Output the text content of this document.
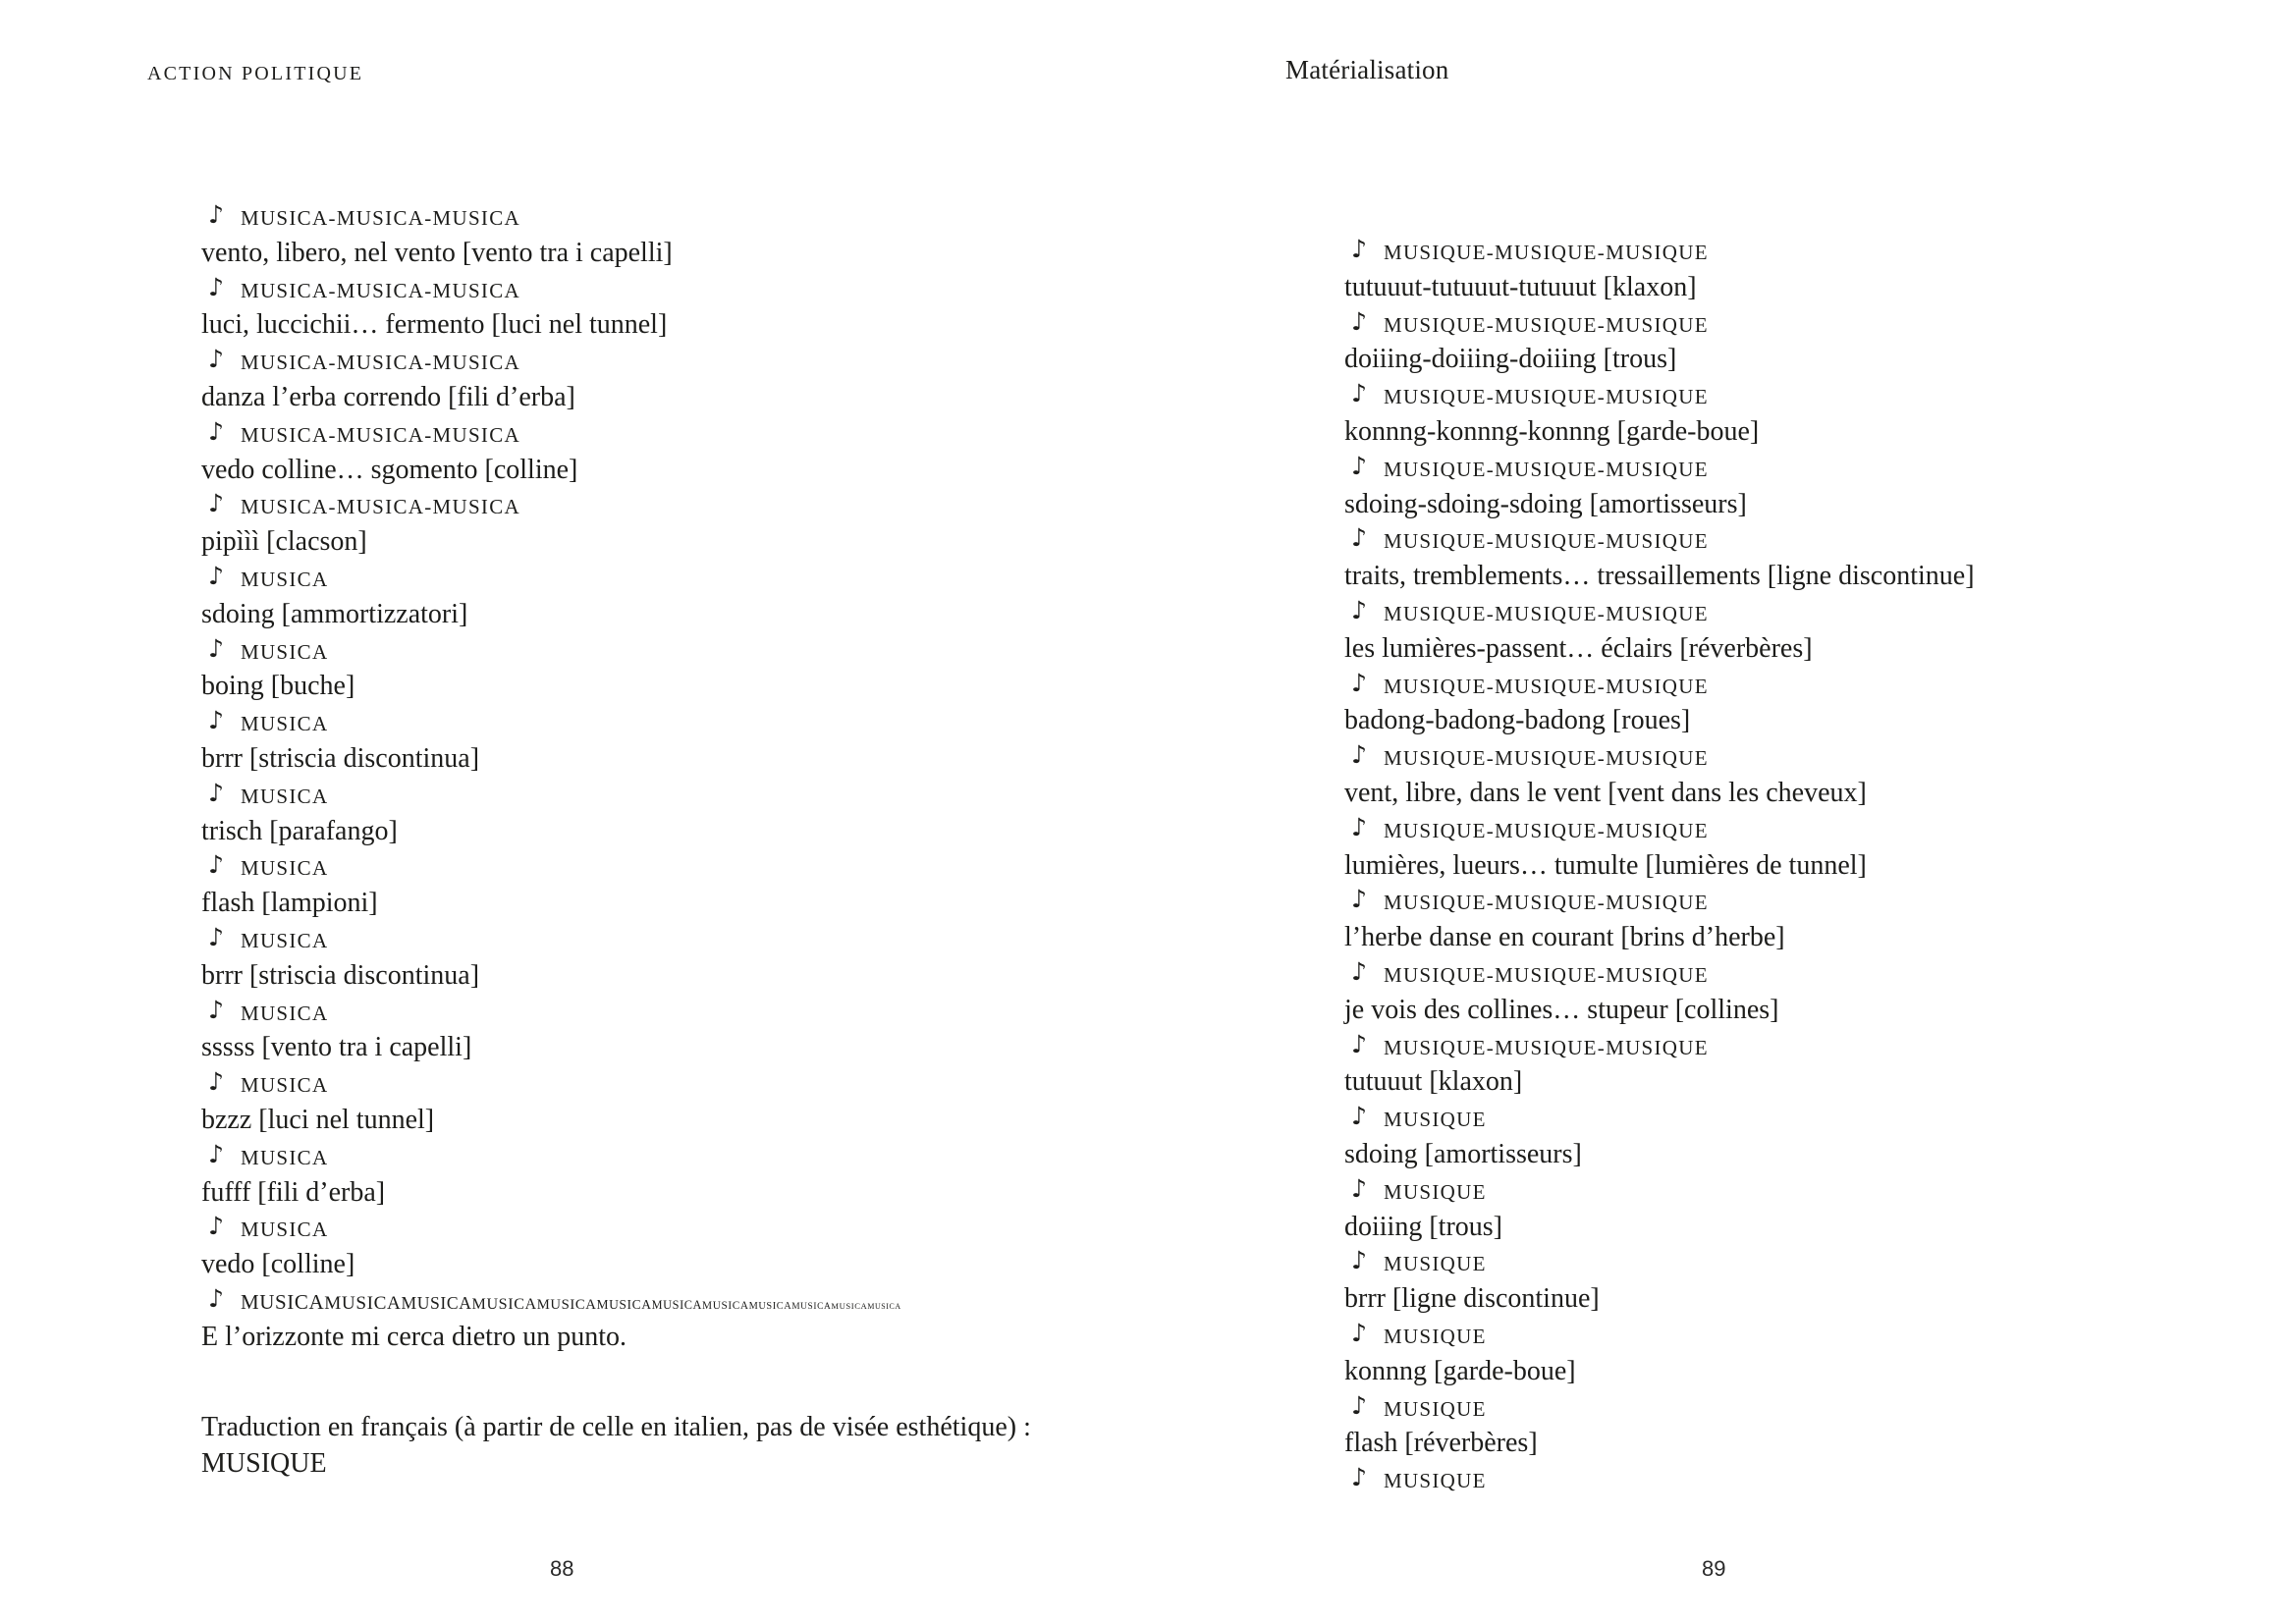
ACTION POLITIQUE
♪ MUSICA-MUSICA-MUSICA
vento, libero, nel vento [vento tra i capelli]
♪ MUSICA-MUSICA-MUSICA
luci, luccichii… fermento [luci nel tunnel]
♪ MUSICA-MUSICA-MUSICA
danza l’erba correndo [fili d’erba]
♪ MUSICA-MUSICA-MUSICA
vedo colline… sgomento [colline]
♪ MUSICA-MUSICA-MUSICA
pipììì [clacson]
♪ MUSICA
sdoing [ammortizzatori]
♪ MUSICA
boing [buche]
♪ MUSICA
brrr [striscia discontinua]
♪ MUSICA
trisch [parafango]
♪ MUSICA
flash [lampioni]
♪ MUSICA
brrr [striscia discontinua]
♪ MUSICA
sssss [vento tra i capelli]
♪ MUSICA
bzzz [luci nel tunnel]
♪ MUSICA
fufff [fili d’erba]
♪ MUSICA
vedo [colline]
♪ MUSICAMUSICAMUSICAMUSICAMUSICAMUSICAMUSICAMUSICAMUSICAMUSICAMUSICAMUSICA
E l’orizzonte mi cerca dietro un punto.
Traduction en français (à partir de celle en italien, pas de visée esthétique) :
MUSIQUE
88
Matérialisation
♪ MUSIQUE-MUSIQUE-MUSIQUE
tutuuut-tutuuut-tutuuut [klaxon]
♪ MUSIQUE-MUSIQUE-MUSIQUE
doiiing-doiiing-doiiing [trous]
♪ MUSIQUE-MUSIQUE-MUSIQUE
konnng-konnng-konnng [garde-boue]
♪ MUSIQUE-MUSIQUE-MUSIQUE
sdoing-sdoing-sdoing [amortisseurs]
♪ MUSIQUE-MUSIQUE-MUSIQUE
traits, tremblements… tressaillements [ligne discontinue]
♪ MUSIQUE-MUSIQUE-MUSIQUE
les lumières-passent… éclairs [réverbères]
♪ MUSIQUE-MUSIQUE-MUSIQUE
badong-badong-badong [roues]
♪ MUSIQUE-MUSIQUE-MUSIQUE
vent, libre, dans le vent [vent dans les cheveux]
♪ MUSIQUE-MUSIQUE-MUSIQUE
lumières, lueurs… tumulte [lumières de tunnel]
♪ MUSIQUE-MUSIQUE-MUSIQUE
l’herbe danse en courant [brins d’herbe]
♪ MUSIQUE-MUSIQUE-MUSIQUE
je vois des collines… stupeur [collines]
♪ MUSIQUE-MUSIQUE-MUSIQUE
tutuuut [klaxon]
♪ MUSIQUE
sdoing [amortisseurs]
♪ MUSIQUE
doiiing [trous]
♪ MUSIQUE
brrr [ligne discontinue]
♪ MUSIQUE
konnng [garde-boue]
♪ MUSIQUE
flash [réverbères]
♪ MUSIQUE
89
